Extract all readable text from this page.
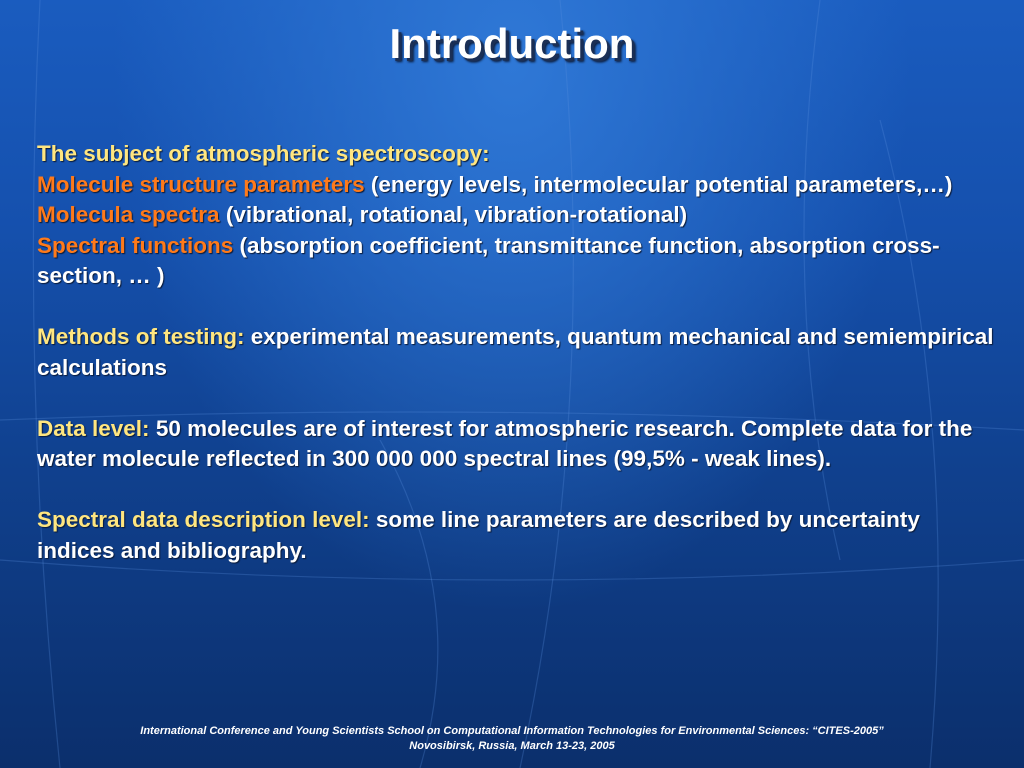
Introduction
The subject of atmospheric spectroscopy:
Molecule structure parameters (energy levels, intermolecular potential parameters,…)
Molecula spectra (vibrational, rotational, vibration-rotational)
Spectral functions (absorption coefficient, transmittance function, absorption cross-section, … )
Methods of testing: experimental measurements, quantum mechanical and semiempirical calculations
Data level: 50 molecules are of interest for atmospheric research. Complete data for the water molecule reflected in 300 000 000 spectral lines (99,5% - weak lines).
Spectral data description level: some line parameters are described by uncertainty indices and bibliography.
International Conference and Young Scientists School on Computational Information Technologies for Environmental Sciences: “CITES-2005”
Novosibirsk, Russia, March 13-23, 2005
